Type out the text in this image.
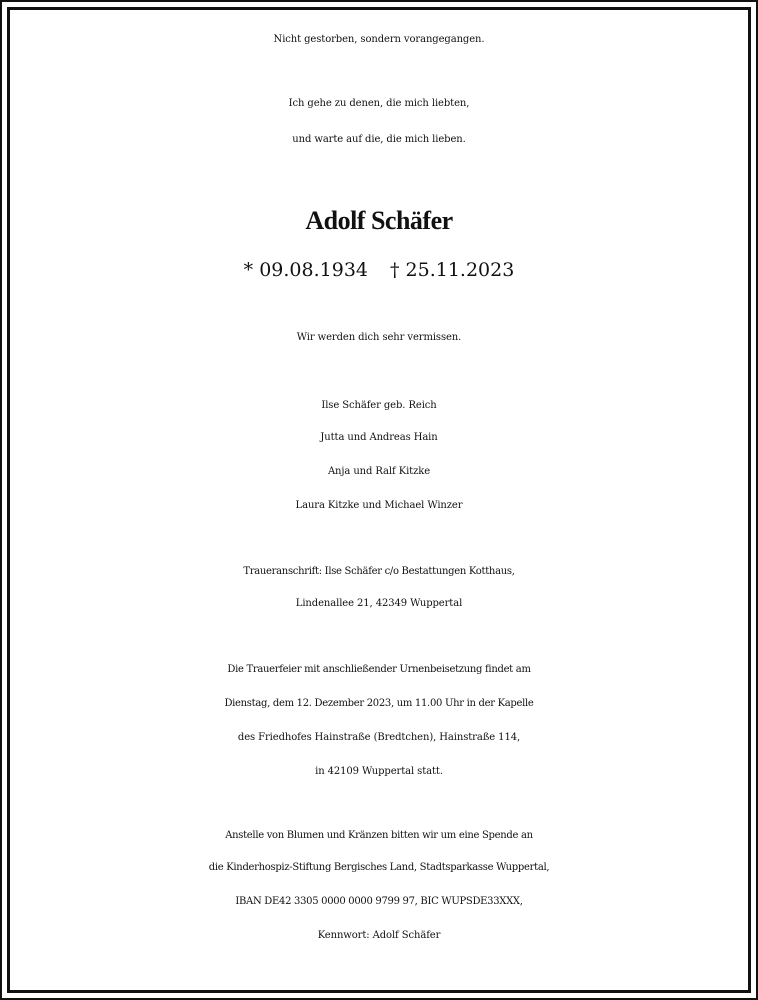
Nicht gestorben, sondern vorangegangen.
Ich gehe zu denen, die mich liebten,
und warte auf die, die mich lieben.
Adolf Schäfer
* 09.08.1934 † 25.11.2023
Wir werden dich sehr vermissen.
Ilse Schäfer geb. Reich
Jutta und Andreas Hain
Anja und Ralf Kitzke
Laura Kitzke und Michael Winzer
Traueranschrift: Ilse Schäfer c/o Bestattungen Kotthaus,
Lindenallee 21, 42349 Wuppertal
Die Trauerfeier mit anschließender Urnenbeisetzung findet am
Dienstag, dem 12. Dezember 2023, um 11.00 Uhr in der Kapelle
des Friedhofes Hainstraße (Bredtchen), Hainstraße 114,
in 42109 Wuppertal statt.
Anstelle von Blumen und Kränzen bitten wir um eine Spende an
die Kinderhospiz-Stiftung Bergisches Land, Stadtsparkasse Wuppertal,
IBAN DE42 3305 0000 0000 9799 97, BIC WUPSDE33XXX,
Kennwort: Adolf Schäfer
